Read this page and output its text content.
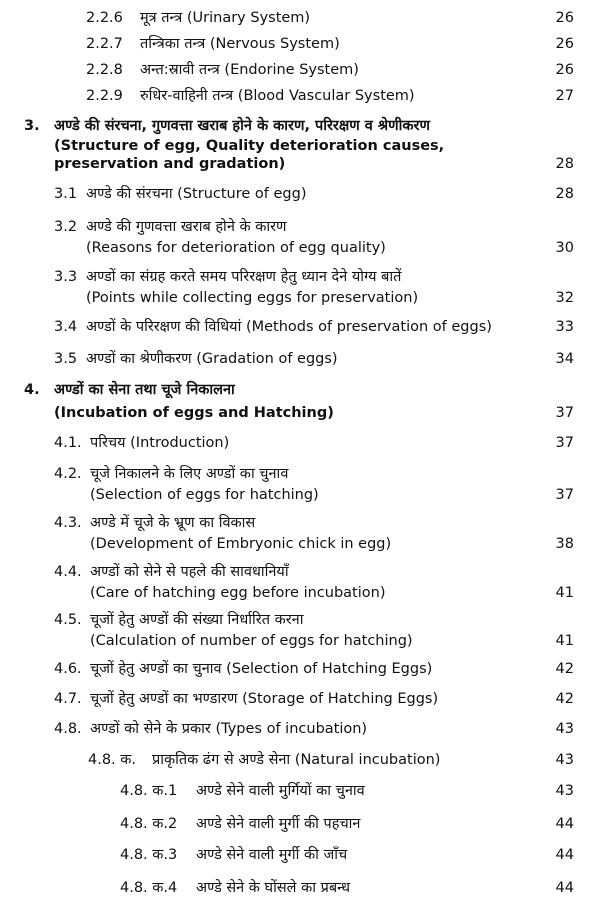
2.2.6 मूत्र तन्त्र (Urinary System)	26
2.2.7 तन्त्रिका तन्त्र (Nervous System)	26
2.2.8 अन्त:स्रावी तन्त्र (Endorine System)	26
2.2.9 रुधिर-वाहिनी तन्त्र (Blood Vascular System)	27
3. अण्डे की संरचना, गुणवत्ता खराब होने के कारण, परिरक्षण व श्रेणीकरण
(Structure of egg, Quality deterioration causes,
preservation and gradation)	28
3.1 अण्डे की संरचना (Structure of egg)	28
3.2 अण्डे की गुणवत्ता खराब होने के कारण
(Reasons for deterioration of egg quality)	30
3.3 अण्डों का संग्रह करते समय परिरक्षण हेतु ध्यान देने योग्य बातें
(Points while collecting eggs for preservation)	32
3.4 अण्डों के परिरक्षण की विधियां (Methods of preservation of eggs)	33
3.5 अण्डों का श्रेणीकरण (Gradation of eggs)	34
4. अण्डों का सेना तथा चूजे निकालना
(Incubation of eggs and Hatching)	37
4.1. परिचय (Introduction)	37
4.2. चूजे निकालने के लिए अण्डों का चुनाव
(Selection of eggs for hatching)	37
4.3. अण्डे में चूजे के भ्रूण का विकास
(Development of Embryonic chick in egg)	38
4.4. अण्डों को सेने से पहले की सावधानियाँ
(Care of hatching egg before incubation)	41
4.5. चूजों हेतु अण्डों की संख्या निर्धारित करना
(Calculation of number of eggs for hatching)	41
4.6. चूजों हेतु अण्डों का चुनाव (Selection of Hatching Eggs)	42
4.7. चूजों हेतु अण्डों का भण्डारण (Storage of Hatching Eggs)	42
4.8. अण्डों को सेने के प्रकार (Types of incubation)	43
4.8. क. प्राकृतिक ढंग से अण्डे सेना (Natural incubation)	43
4.8. क.1 अण्डे सेने वाली मुर्गियों का चुनाव	43
4.8. क.2 अण्डे सेने वाली मुर्गी की पहचान	44
4.8. क.3 अण्डे सेने वाली मुर्गी की जाँच	44
4.8. क.4 अण्डे सेने के घोंसले का प्रबन्ध	44
